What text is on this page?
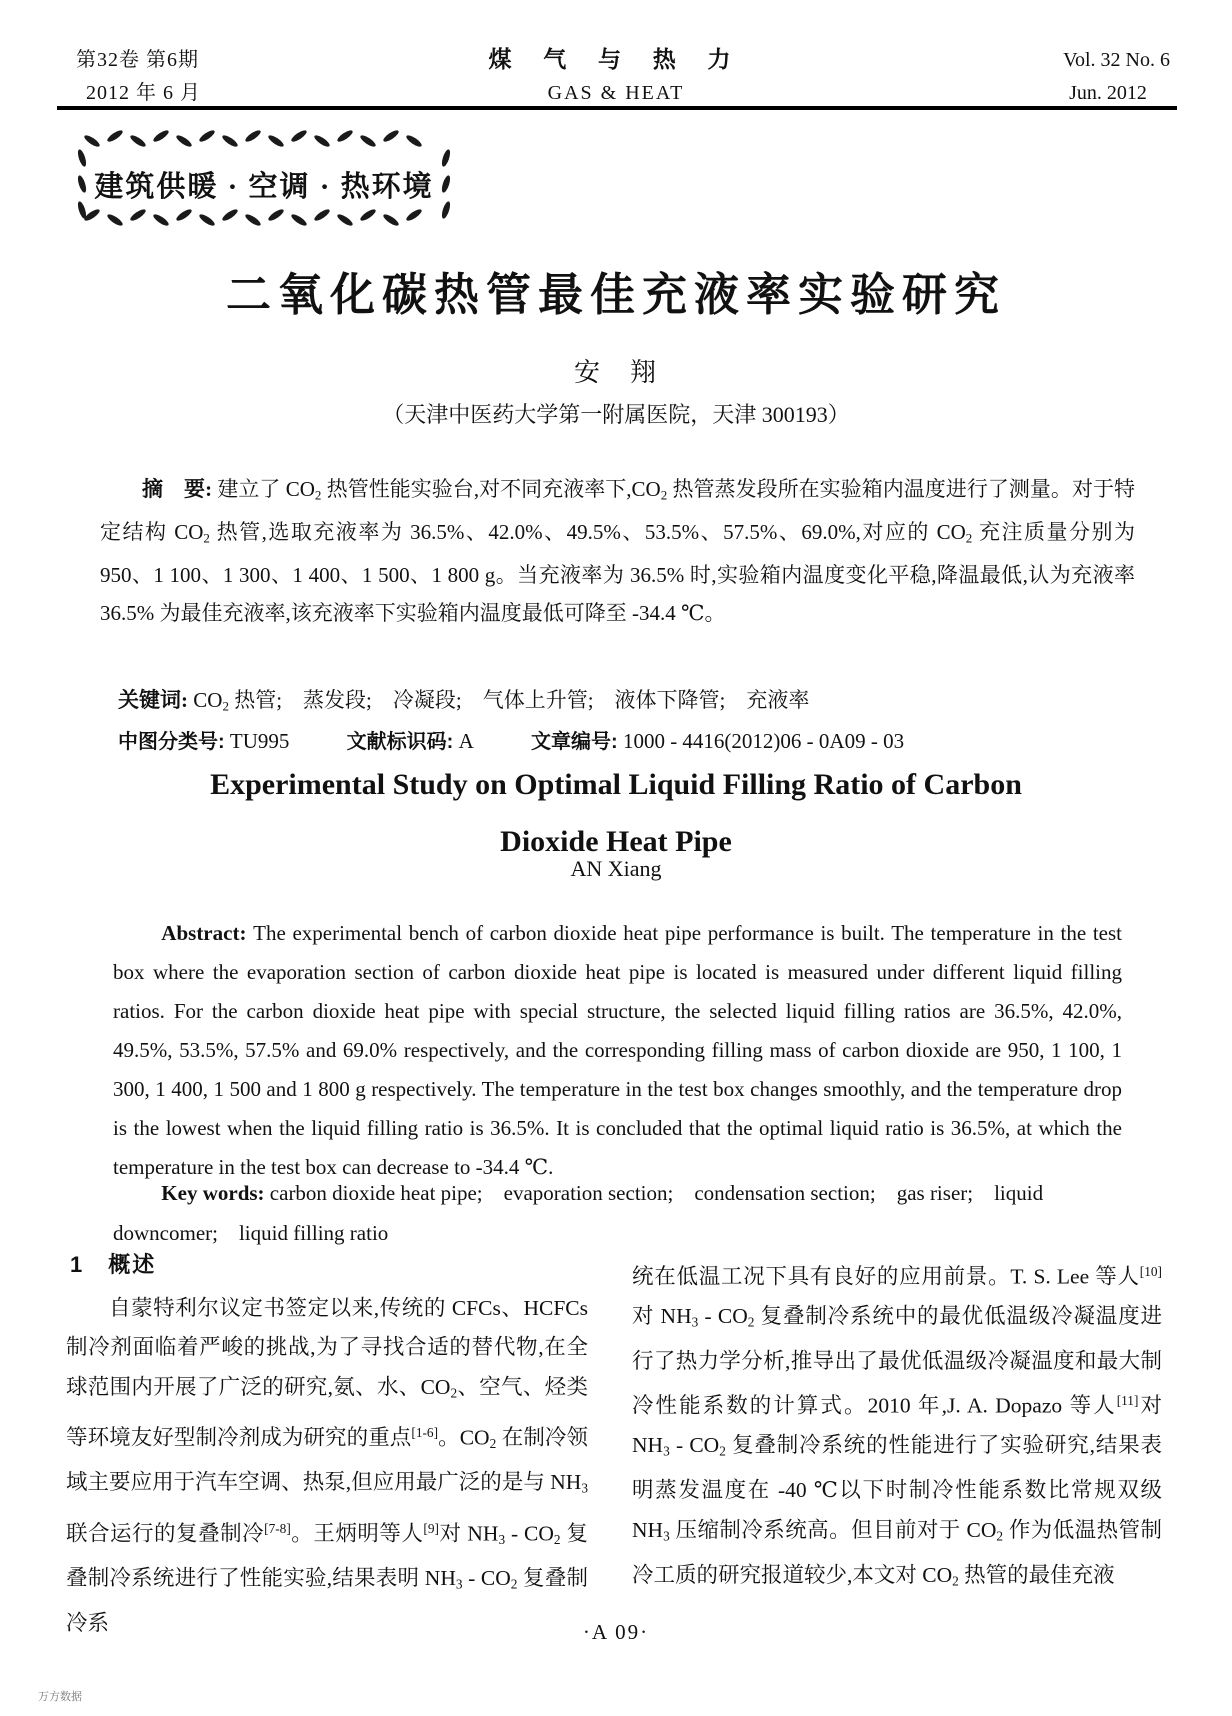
第32卷 第6期
2012 年 6 月
煤 气 与 热 力
GAS & HEAT
Vol. 32 No. 6
Jun. 2012
建筑供暖 · 空调 · 热环境
二氧化碳热管最佳充液率实验研究
安　翔
（天津中医药大学第一附属医院，天津 300193）

摘　要: 建立了 CO2 热管性能实验台,对不同充液率下,CO2 热管蒸发段所在实验箱内温度进行了测量。对于特定结构 CO2 热管,选取充液率为 36.5%、42.0%、49.5%、53.5%、57.5%、69.0%,对应的 CO2 充注质量分别为 950、1 100、1 300、1 400、1 500、1 800 g。当充液率为 36.5% 时,实验箱内温度变化平稳,降温最低,认为充液率 36.5% 为最佳充液率,该充液率下实验箱内温度最低可降至 -34.4 ℃。

关键词: CO2 热管;　蒸发段;　冷凝段;　气体上升管;　液体下降管;　充液率

中图分类号: TU995	文献标识码: A	文章编号: 1000 - 4416(2012)06 - 0A09 - 03

Experimental Study on Optimal Liquid Filling Ratio of Carbon
Dioxide Heat Pipe
AN Xiang

Abstract: The experimental bench of carbon dioxide heat pipe performance is built. The temperature in the test box where the evaporation section of carbon dioxide heat pipe is located is measured under different liquid filling ratios. For the carbon dioxide heat pipe with special structure, the selected liquid filling ratios are 36.5%, 42.0%, 49.5%, 53.5%, 57.5% and 69.0% respectively, and the corresponding filling mass of carbon dioxide are 950, 1 100, 1 300, 1 400, 1 500 and 1 800 g respectively. The temperature in the test box changes smoothly, and the temperature drop is the lowest when the liquid filling ratio is 36.5%. It is concluded that the optimal liquid ratio is 36.5%, at which the temperature in the test box can decrease to -34.4 ℃.

Key words: carbon dioxide heat pipe;　evaporation section;　condensation section;　gas riser;　liquid downcomer;　liquid filling ratio

1　概述

自蒙特利尔议定书签定以来,传统的 CFCs、HCFCs 制冷剂面临着严峻的挑战,为了寻找合适的替代物,在全球范围内开展了广泛的研究,氨、水、CO2、空气、烃类等环境友好型制冷剂成为研究的重点[1-6]。CO2 在制冷领域主要应用于汽车空调、热泵,但应用最广泛的是与 NH3 联合运行的复叠制冷[7-8]。王炳明等人[9]对 NH3 - CO2 复叠制冷系统进行了性能实验,结果表明 NH3 - CO2 复叠制冷系

统在低温工况下具有良好的应用前景。T. S. Lee 等人[10]对 NH3 - CO2 复叠制冷系统中的最优低温级冷凝温度进行了热力学分析,推导出了最优低温级冷凝温度和最大制冷性能系数的计算式。2010 年,J. A. Dopazo 等人[11]对 NH3 - CO2 复叠制冷系统的性能进行了实验研究,结果表明蒸发温度在 -40 ℃以下时制冷性能系数比常规双级 NH3 压缩制冷系统高。但目前对于 CO2 作为低温热管制冷工质的研究报道较少,本文对 CO2 热管的最佳充液

·A 09·
万方数据
